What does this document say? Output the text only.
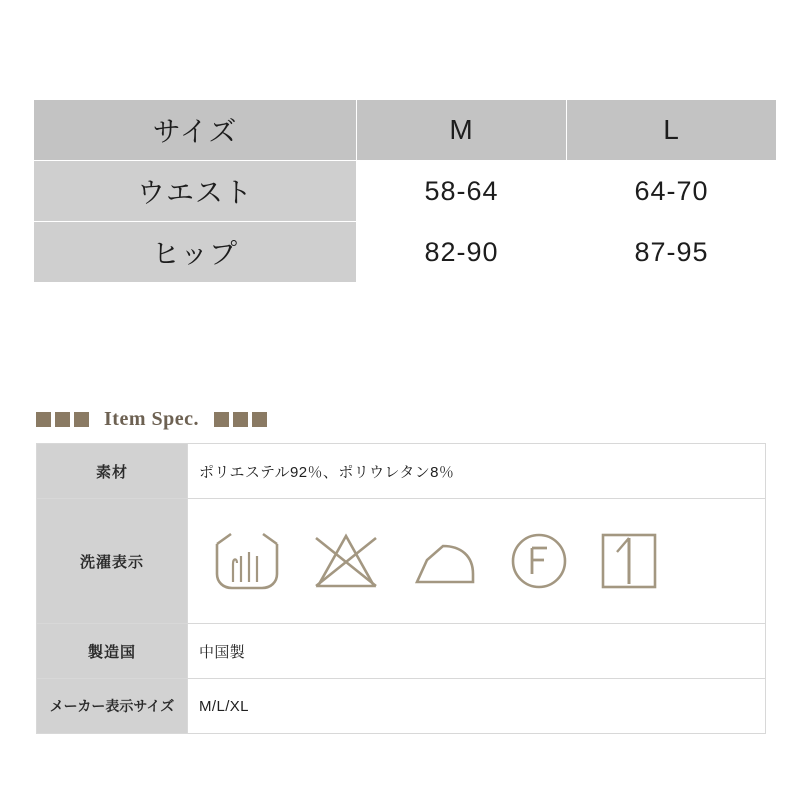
サイズ	M	L
ウエスト	58-64	64-70
ヒップ	82-90	87-95
Item Spec.
素材	ポリエステル92％、ポリウレタン8％
洗濯表示	

製造国	中国製
メーカー表示サイズ	M/L/XL
